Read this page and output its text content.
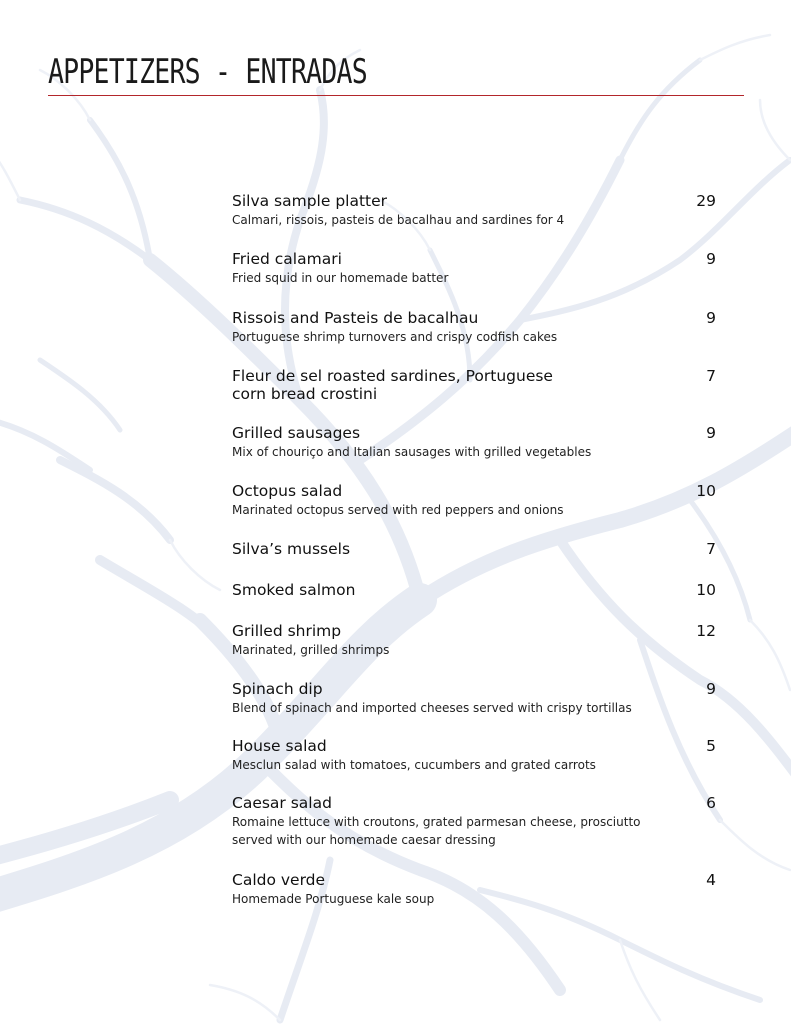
APPETIZERS - ENTRADAS
Silva sample platter
Calmari, rissois, pasteis de bacalhau and sardines for 4
29
Fried calamari
Fried squid in our homemade batter
9
Rissois and Pasteis de bacalhau
Portuguese shrimp turnovers and crispy codfish cakes
9
Fleur de sel roasted sardines, Portuguese corn bread crostini
7
Grilled sausages
Mix of chouriço and Italian sausages with grilled vegetables
9
Octopus salad
Marinated octopus served with red peppers and onions
10
Silva’s mussels	7
Smoked salmon	10
Grilled shrimp
Marinated, grilled shrimps
12
Spinach dip
Blend of spinach and imported cheeses served with crispy tortillas
9
House salad
Mesclun salad with tomatoes, cucumbers and grated carrots
5
Caesar salad
Romaine lettuce with croutons, grated parmesan cheese, prosciutto served with our homemade caesar dressing
6
Caldo verde
Homemade Portuguese kale soup
4
